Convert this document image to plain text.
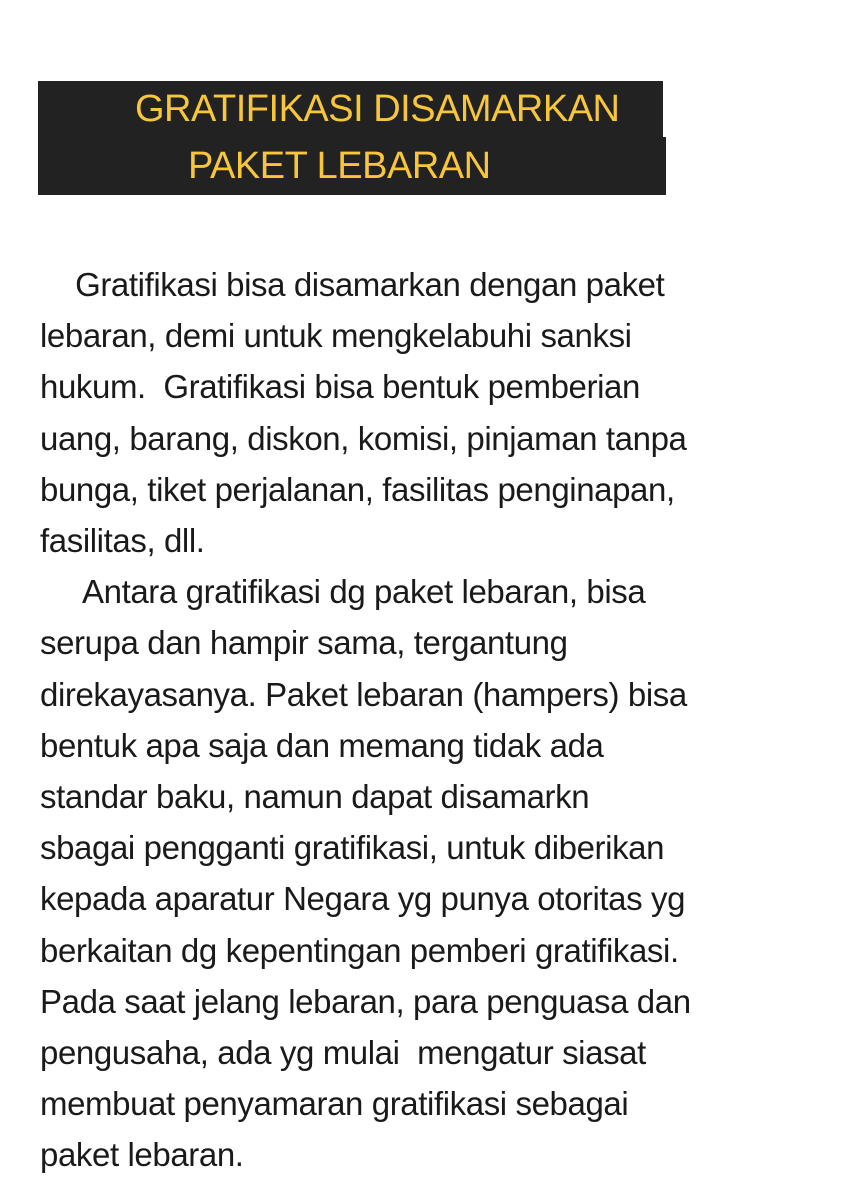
GRATIFIKASI DISAMARKAN
PAKET LEBARAN
Gratifikasi bisa disamarkan dengan paket
lebaran, demi untuk mengkelabuhi sanksi
hukum.  Gratifikasi bisa bentuk pemberian
uang, barang, diskon, komisi, pinjaman tanpa
bunga, tiket perjalanan, fasilitas penginapan,
fasilitas, dll.
Antara gratifikasi dg paket lebaran, bisa
serupa dan hampir sama, tergantung
direkayasanya. Paket lebaran (hampers) bisa
bentuk apa saja dan memang tidak ada
standar baku, namun dapat disamarkn
sbagai pengganti gratifikasi, untuk diberikan
kepada aparatur Negara yg punya otoritas yg
berkaitan dg kepentingan pemberi gratifikasi.
Pada saat jelang lebaran, para penguasa dan
pengusaha, ada yg mulai  mengatur siasat
membuat penyamaran gratifikasi sebagai
paket lebaran.
